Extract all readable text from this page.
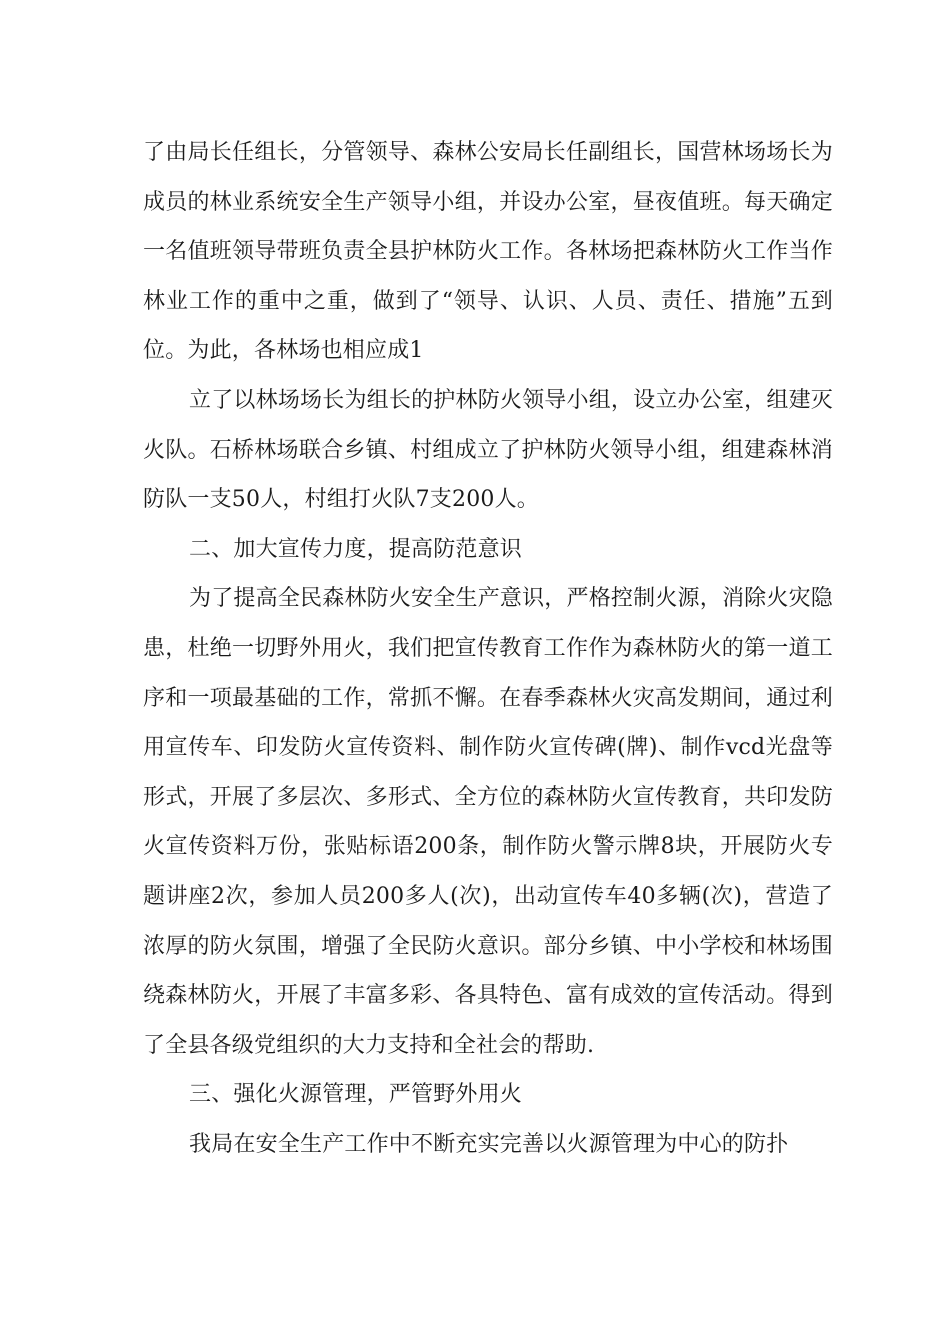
了由局长任组长，分管领导、森林公安局长任副组长，国营林场场长为成员的林业系统安全生产领导小组，并设办公室，昼夜值班。每天确定一名值班领导带班负责全县护林防火工作。各林场把森林防火工作当作林业工作的重中之重，做到了“领导、认识、人员、责任、措施”五到位。为此，各林场也相应成1

立了以林场场长为组长的护林防火领导小组，设立办公室，组建灭火队。石桥林场联合乡镇、村组成立了护林防火领导小组，组建森林消防队一支50人，村组打火队7支200人。

二、加大宣传力度，提高防范意识

为了提高全民森林防火安全生产意识，严格控制火源，消除火灾隐患，杜绝一切野外用火，我们把宣传教育工作作为森林防火的第一道工序和一项最基础的工作，常抓不懈。在春季森林火灾高发期间，通过利用宣传车、印发防火宣传资料、制作防火宣传碑(牌)、制作vcd光盘等形式，开展了多层次、多形式、全方位的森林防火宣传教育，共印发防火宣传资料万份，张贴标语200条，制作防火警示牌8块，开展防火专题讲座2次，参加人员200多人(次)，出动宣传车40多辆(次)，营造了浓厚的防火氛围，增强了全民防火意识。部分乡镇、中小学校和林场围绕森林防火，开展了丰富多彩、各具特色、富有成效的宣传活动。得到了全县各级党组织的大力支持和全社会的帮助.

三、强化火源管理，严管野外用火

我局在安全生产工作中不断充实完善以火源管理为中心的防扑
